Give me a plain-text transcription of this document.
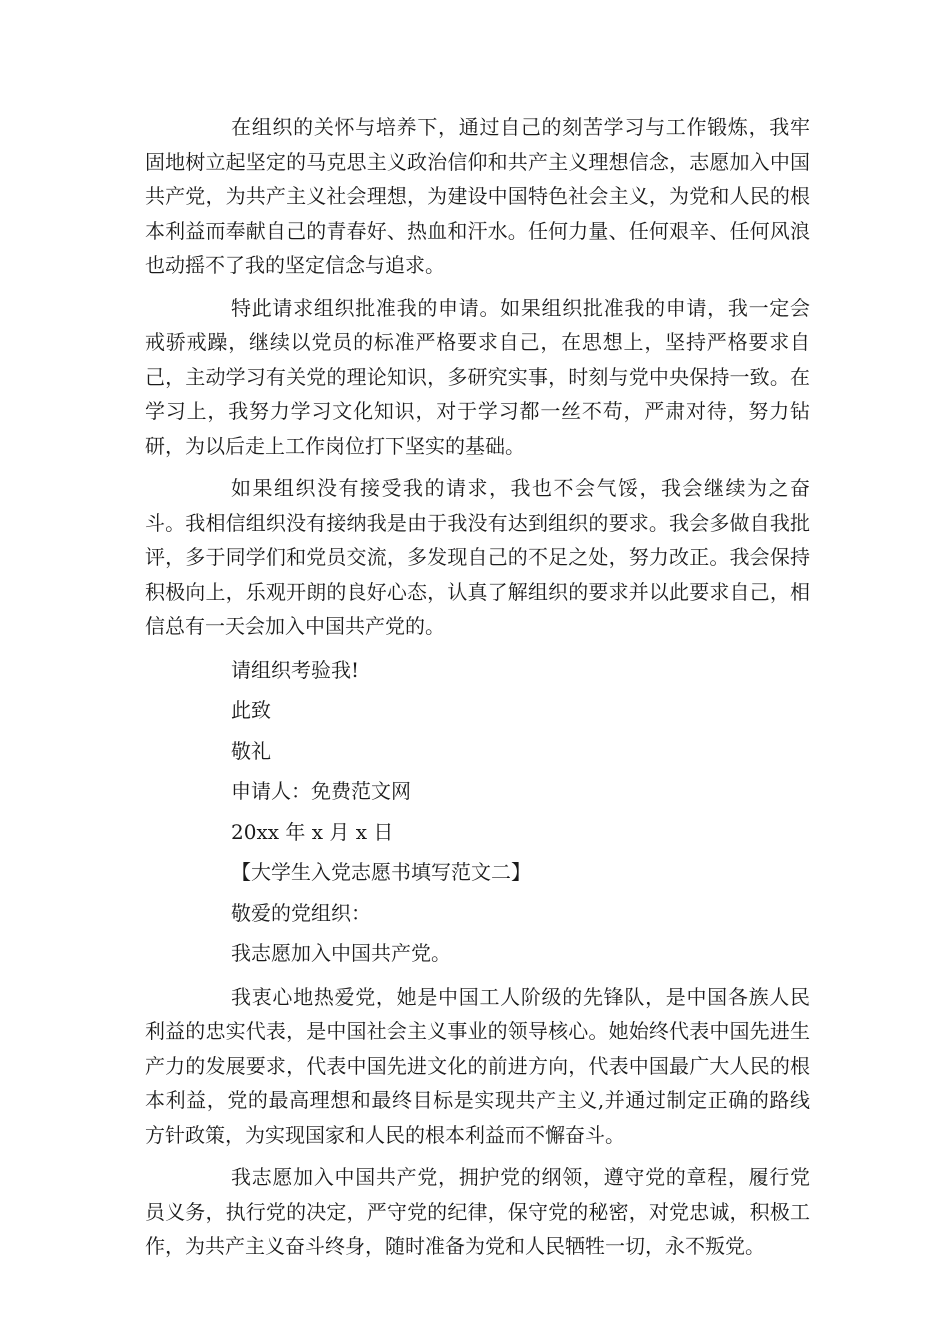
在组织的关怀与培养下，通过自己的刻苦学习与工作锻炼，我牢固地树立起坚定的马克思主义政治信仰和共产主义理想信念，志愿加入中国共产党，为共产主义社会理想，为建设中国特色社会主义，为党和人民的根本利益而奉献自己的青春好、热血和汗水。任何力量、任何艰辛、任何风浪也动摇不了我的坚定信念与追求。

特此请求组织批准我的申请。如果组织批准我的申请，我一定会戒骄戒躁，继续以党员的标准严格要求自己，在思想上，坚持严格要求自己，主动学习有关党的理论知识，多研究实事，时刻与党中央保持一致。在学习上，我努力学习文化知识，对于学习都一丝不苟，严肃对待，努力钻研，为以后走上工作岗位打下坚实的基础。

如果组织没有接受我的请求，我也不会气馁，我会继续为之奋斗。我相信组织没有接纳我是由于我没有达到组织的要求。我会多做自我批评，多于同学们和党员交流，多发现自己的不足之处，努力改正。我会保持积极向上，乐观开朗的良好心态，认真了解组织的要求并以此要求自己，相信总有一天会加入中国共产党的。

请组织考验我!

此致

敬礼

申请人：免费范文网

20xx 年 x 月 x 日

【大学生入党志愿书填写范文二】

敬爱的党组织：

我志愿加入中国共产党。

我衷心地热爱党，她是中国工人阶级的先锋队，是中国各族人民利益的忠实代表，是中国社会主义事业的领导核心。她始终代表中国先进生产力的发展要求，代表中国先进文化的前进方向，代表中国最广大人民的根本利益，党的最高理想和最终目标是实现共产主义,并通过制定正确的路线方针政策，为实现国家和人民的根本利益而不懈奋斗。

我志愿加入中国共产党，拥护党的纲领，遵守党的章程，履行党员义务，执行党的决定，严守党的纪律，保守党的秘密，对党忠诚，积极工作，为共产主义奋斗终身，随时准备为党和人民牺牲一切，永不叛党。
